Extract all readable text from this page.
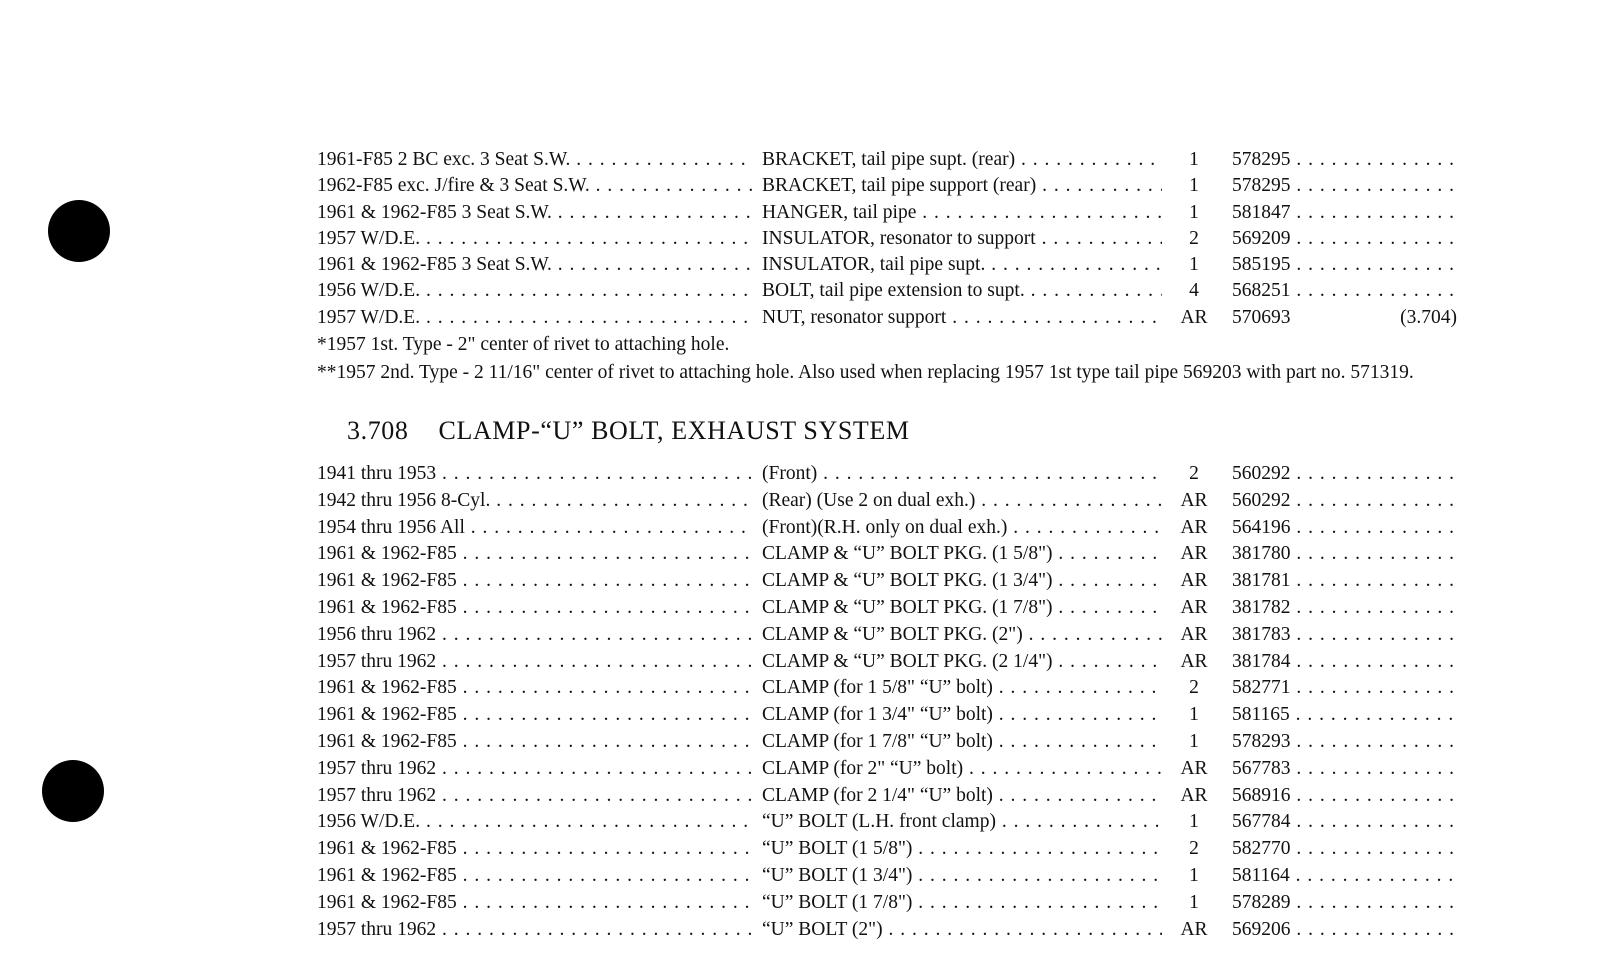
1961-F85 2 BC exc. 3 Seat S.W. . . .	BRACKET, tail pipe supt. (rear) . . .	1	578295 . . .
1962-F85 exc. J/fire & 3 Seat S.W. . . .	BRACKET, tail pipe support (rear) . . .	1	578295 . . .
1961 & 1962-F85 3 Seat S.W. . . .	HANGER, tail pipe . . .	1	581847 . . .
1957 W/D.E. . . .	INSULATOR, resonator to support . . .	2	569209 . . .
1961 & 1962-F85 3 Seat S.W. . . .	INSULATOR, tail pipe supt. . . .	1	585195 . . .
1956 W/D.E. . . .	BOLT, tail pipe extension to supt. . . .	4	568251 . . .
1957 W/D.E. . . .	NUT, resonator support . . .	AR	570693	(3.704)
*1957 1st. Type - 2" center of rivet to attaching hole.
**1957 2nd. Type - 2 11/16" center of rivet to attaching hole. Also used when replacing 1957 1st type tail pipe 569203 with part no. 571319.
3.708 CLAMP-“U” BOLT, EXHAUST SYSTEM
1941 thru 1953 . . .	(Front) . . .	2	560292 . . .
1942 thru 1956 8-Cyl. . . .	(Rear) (Use 2 on dual exh.) . . .	AR	560292 . . .
1954 thru 1956 All . . .	(Front)(R.H. only on dual exh.) . . .	AR	564196 . . .
1961 & 1962-F85 . . .	CLAMP & “U” BOLT PKG. (1 5/8") . . .	AR	381780 . . .
1961 & 1962-F85 . . .	CLAMP & “U” BOLT PKG. (1 3/4") . . .	AR	381781 . . .
1961 & 1962-F85 . . .	CLAMP & “U” BOLT PKG. (1 7/8") . . .	AR	381782 . . .
1956 thru 1962 . . .	CLAMP & “U” BOLT PKG. (2") . . .	AR	381783 . . .
1957 thru 1962 . . .	CLAMP & “U” BOLT PKG. (2 1/4") . . .	AR	381784 . . .
1961 & 1962-F85 . . .	CLAMP (for 1 5/8" “U” bolt) . . .	2	582771 . . .
1961 & 1962-F85 . . .	CLAMP (for 1 3/4" “U” bolt) . . .	1	581165 . . .
1961 & 1962-F85 . . .	CLAMP (for 1 7/8" “U” bolt) . . .	1	578293 . . .
1957 thru 1962 . . .	CLAMP (for 2" “U” bolt) . . .	AR	567783 . . .
1957 thru 1962 . . .	CLAMP (for 2 1/4" “U” bolt) . . .	AR	568916 . . .
1956 W/D.E. . . .	“U” BOLT (L.H. front clamp) . . .	1	567784 . . .
1961 & 1962-F85 . . .	“U” BOLT (1 5/8") . . .	2	582770 . . .
1961 & 1962-F85 . . .	“U” BOLT (1 3/4") . . .	1	581164 . . .
1961 & 1962-F85 . . .	“U” BOLT (1 7/8") . . .	1	578289 . . .
1957 thru 1962 . . .	“U” BOLT (2") . . .	AR	569206 . . .
